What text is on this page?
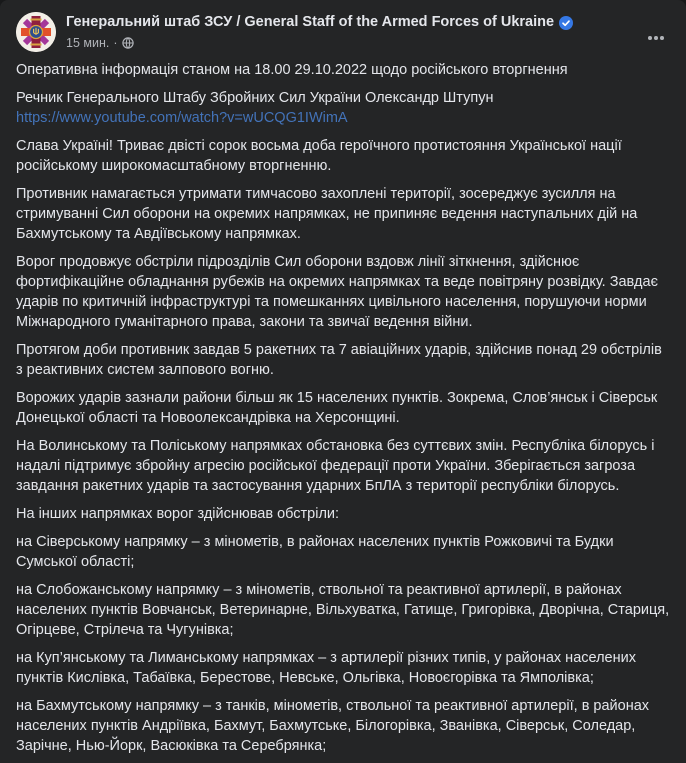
Генеральний штаб ЗСУ / General Staff of the Armed Forces of Ukraine
15 мин. ·
Оперативна інформація станом на 18.00 29.10.2022 щодо російського вторгнення
Речник Генерального Штабу Збройних Сил України Олександр Штупун
https://www.youtube.com/watch?v=wUCQG1IWimA
Слава Україні! Триває двісті сорок восьма доба героїчного протистояння Української нації російському широкомасштабному вторгненню.
Противник намагається утримати тимчасово захоплені території, зосереджує зусилля на стримуванні Сил оборони на окремих напрямках, не припиняє ведення наступальних дій на Бахмутському та Авдіївському напрямках.
Ворог продовжує обстріли підрозділів Сил оборони вздовж лінії зіткнення, здійснює фортифікаційне обладнання рубежів на окремих напрямках та веде повітряну розвідку. Завдає ударів по критичній інфраструктурі та помешканнях цивільного населення, порушуючи норми Міжнародного гуманітарного права, закони та звичаї ведення війни.
Протягом доби противник завдав 5 ракетних та 7 авіаційних ударів, здійснив понад 29 обстрілів з реактивних систем залпового вогню.
Ворожих ударів зазнали райони більш як 15 населених пунктів. Зокрема, Слов’янськ і Сіверськ Донецької області та Новоолександрівка на Херсонщині.
На Волинському та Поліському напрямках обстановка без суттєвих змін. Республіка білорусь і надалі підтримує збройну агресію російської федерації проти України. Зберігається загроза завдання ракетних ударів та застосування ударних БпЛА з території республіки білорусь.
На інших напрямках ворог здійснював обстріли:
на Сіверському напрямку – з мінометів, в районах населених пунктів Рожковичі та Будки Сумської області;
на Слобожанському напрямку – з мінометів, ствольної та реактивної артилерії, в районах населених пунктів Вовчанськ, Ветеринарне, Вільхуватка, Гатище, Григорівка, Дворічна, Стариця, Огірцеве, Стрілеча та Чугунівка;
на Куп’янському та Лиманському напрямках – з артилерії різних типів, у районах населених пунктів Кислівка, Табаївка, Берестове, Невське, Ольгівка, Новоєгорівка та Ямполівка;
на Бахмутському напрямку – з танків, мінометів, ствольної та реактивної артилерії, в районах населених пунктів Андріївка, Бахмут, Бахмутське, Білогорівка, Званівка, Сіверськ, Соледар, Зарічне, Нью-Йорк, Васюківка та Серебрянка;
